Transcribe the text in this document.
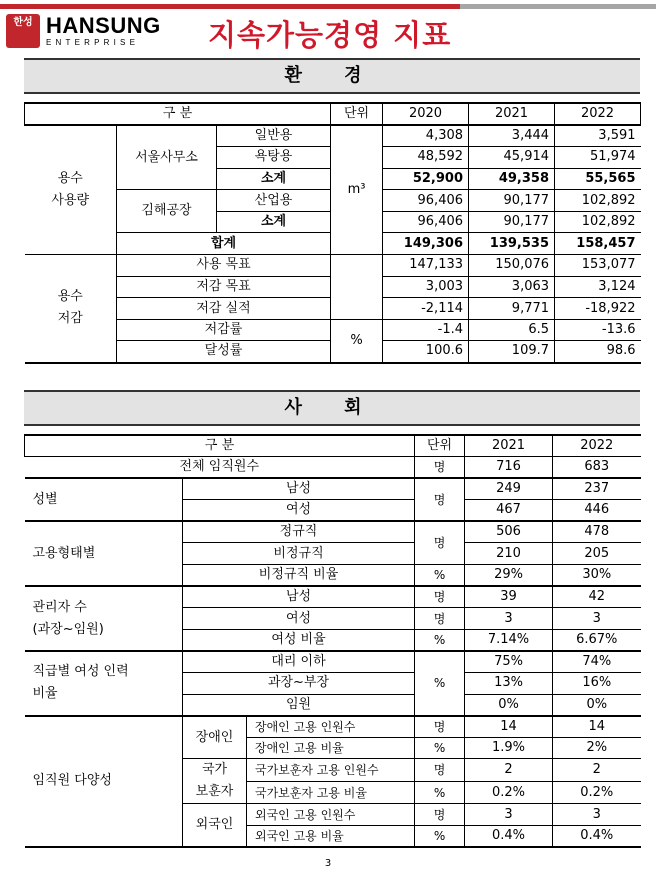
한성 HANSUNG
ENTERPRISE	지속가능경영 지표
환 경
구 분			단위	2020	2021	2022

용수
사용량	서울사무소	일반용	m³	4,308	3,444	3,591
		욕탕용		48,592	45,914	51,974
		소계		52,900	49,358	55,565
	김해공장	산업용		96,406	90,177	102,892
		소계		96,406	90,177	102,892
	합계			149,306	139,535	158,457

용수
저감	사용 목표			147,133	150,076	153,077
	저감 목표			3,003	3,063	3,124
	저감 실적			-2,114	9,771	-18,922
	저감률		%	-1.4	6.5	-13.6
	달성률			100.6	109.7	98.6
사 회
구 분			단위	2021	2022
전체 임직원수			명	716	683
성별	남성		명	249	237
	여성			467	446
고용형태별	정규직		명	506	478
	비정규직			210	205
	비정규직 비율		%	29%	30%

관리자 수
(과장~임원)	남성		명	39	42
	여성		명	3	3
	여성 비율		%	7.14%	6.67%

직급별 여성 인력
비율	대리 이하		%	75%	74%
	과장~부장			13%	16%
	임원			0%	0%
임직원 다양성	장애인	장애인 고용 인원수	명	14	14
		장애인 고용 비율	%	1.9%	2%

	국가
보훈자	국가보훈자 고용 인원수	명	2	2
		국가보훈자 고용 비율	%	0.2%	0.2%
	외국인	외국인 고용 인원수	명	3	3
		외국인 고용 비율	%	0.4%	0.4%
3
